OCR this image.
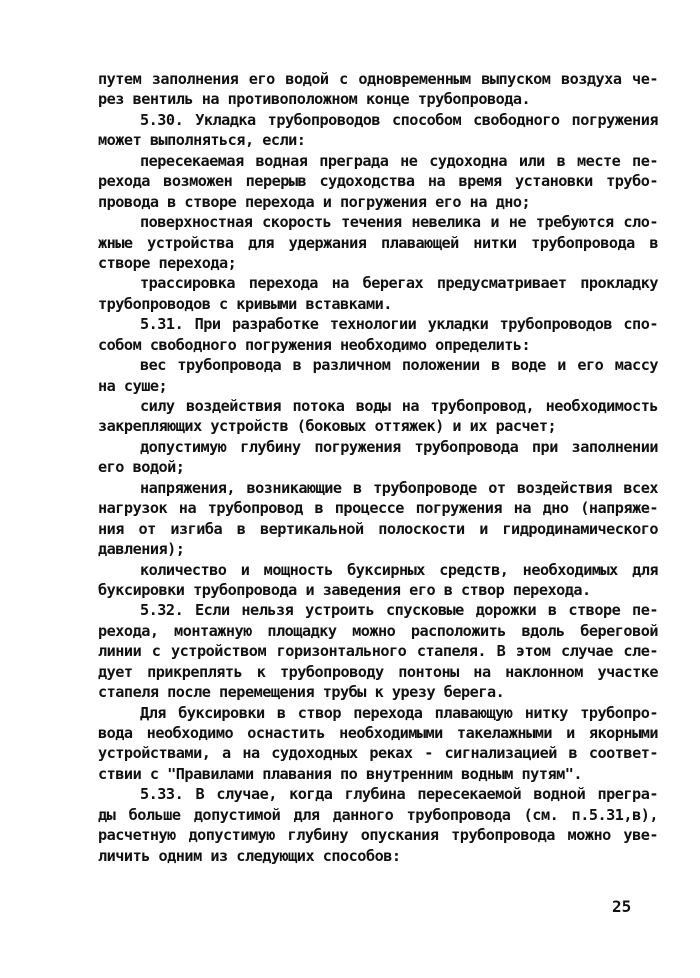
путем заполнения его водой с одновременным выпуском воздуха че-
рез вентиль на противоположном конце трубопровода.
5.30. Укладка трубопроводов способом свободного погружения
может выполняться, если:
пересекаемая водная преграда не судоходна или в месте пе-
рехода возможен перерыв судоходства на время установки трубо-
провода в створе перехода и погружения его на дно;
поверхностная скорость течения невелика и не требуются сло-
жные устройства для удержания плавающей нитки трубопровода в
створе перехода;
трассировка перехода на берегах предусматривает прокладку
трубопроводов с кривыми вставками.
5.31. При разработке технологии укладки трубопроводов спо-
собом свободного погружения необходимо определить:
вес трубопровода в различном положении в воде и его массу
на суше;
силу воздействия потока воды на трубопровод, необходимость
закрепляющих устройств (боковых оттяжек) и их расчет;
допустимую глубину погружения трубопровода при заполнении
его водой;
напряжения, возникающие в трубопроводе от воздействия всех
нагрузок на трубопровод в процессе погружения на дно (напряже-
ния от изгиба в вертикальной полоскости и гидродинамического
давления);
количество и мощность буксирных средств, необходимых для
буксировки трубопровода и заведения его в створ перехода.
5.32. Если нельзя устроить спусковые дорожки в створе пе-
рехода, монтажную площадку можно расположить вдоль береговой
линии с устройством горизонтального стапеля. В этом случае сле-
дует прикреплять к трубопроводу понтоны на наклонном участке
стапеля после перемещения трубы к урезу берега.
Для буксировки в створ перехода плавающую нитку трубопро-
вода необходимо оснастить необходимыми такелажными и якорными
устройствами, а на судоходных реках - сигнализацией в соответ-
ствии с "Правилами плавания по внутренним водным путям".
5.33. В случае, когда глубина пересекаемой водной прегра-
ды больше допустимой для данного трубопровода (см. п.5.31,в),
расчетную допустимую глубину опускания трубопровода можно уве-
личить одним из следующих способов:
25
